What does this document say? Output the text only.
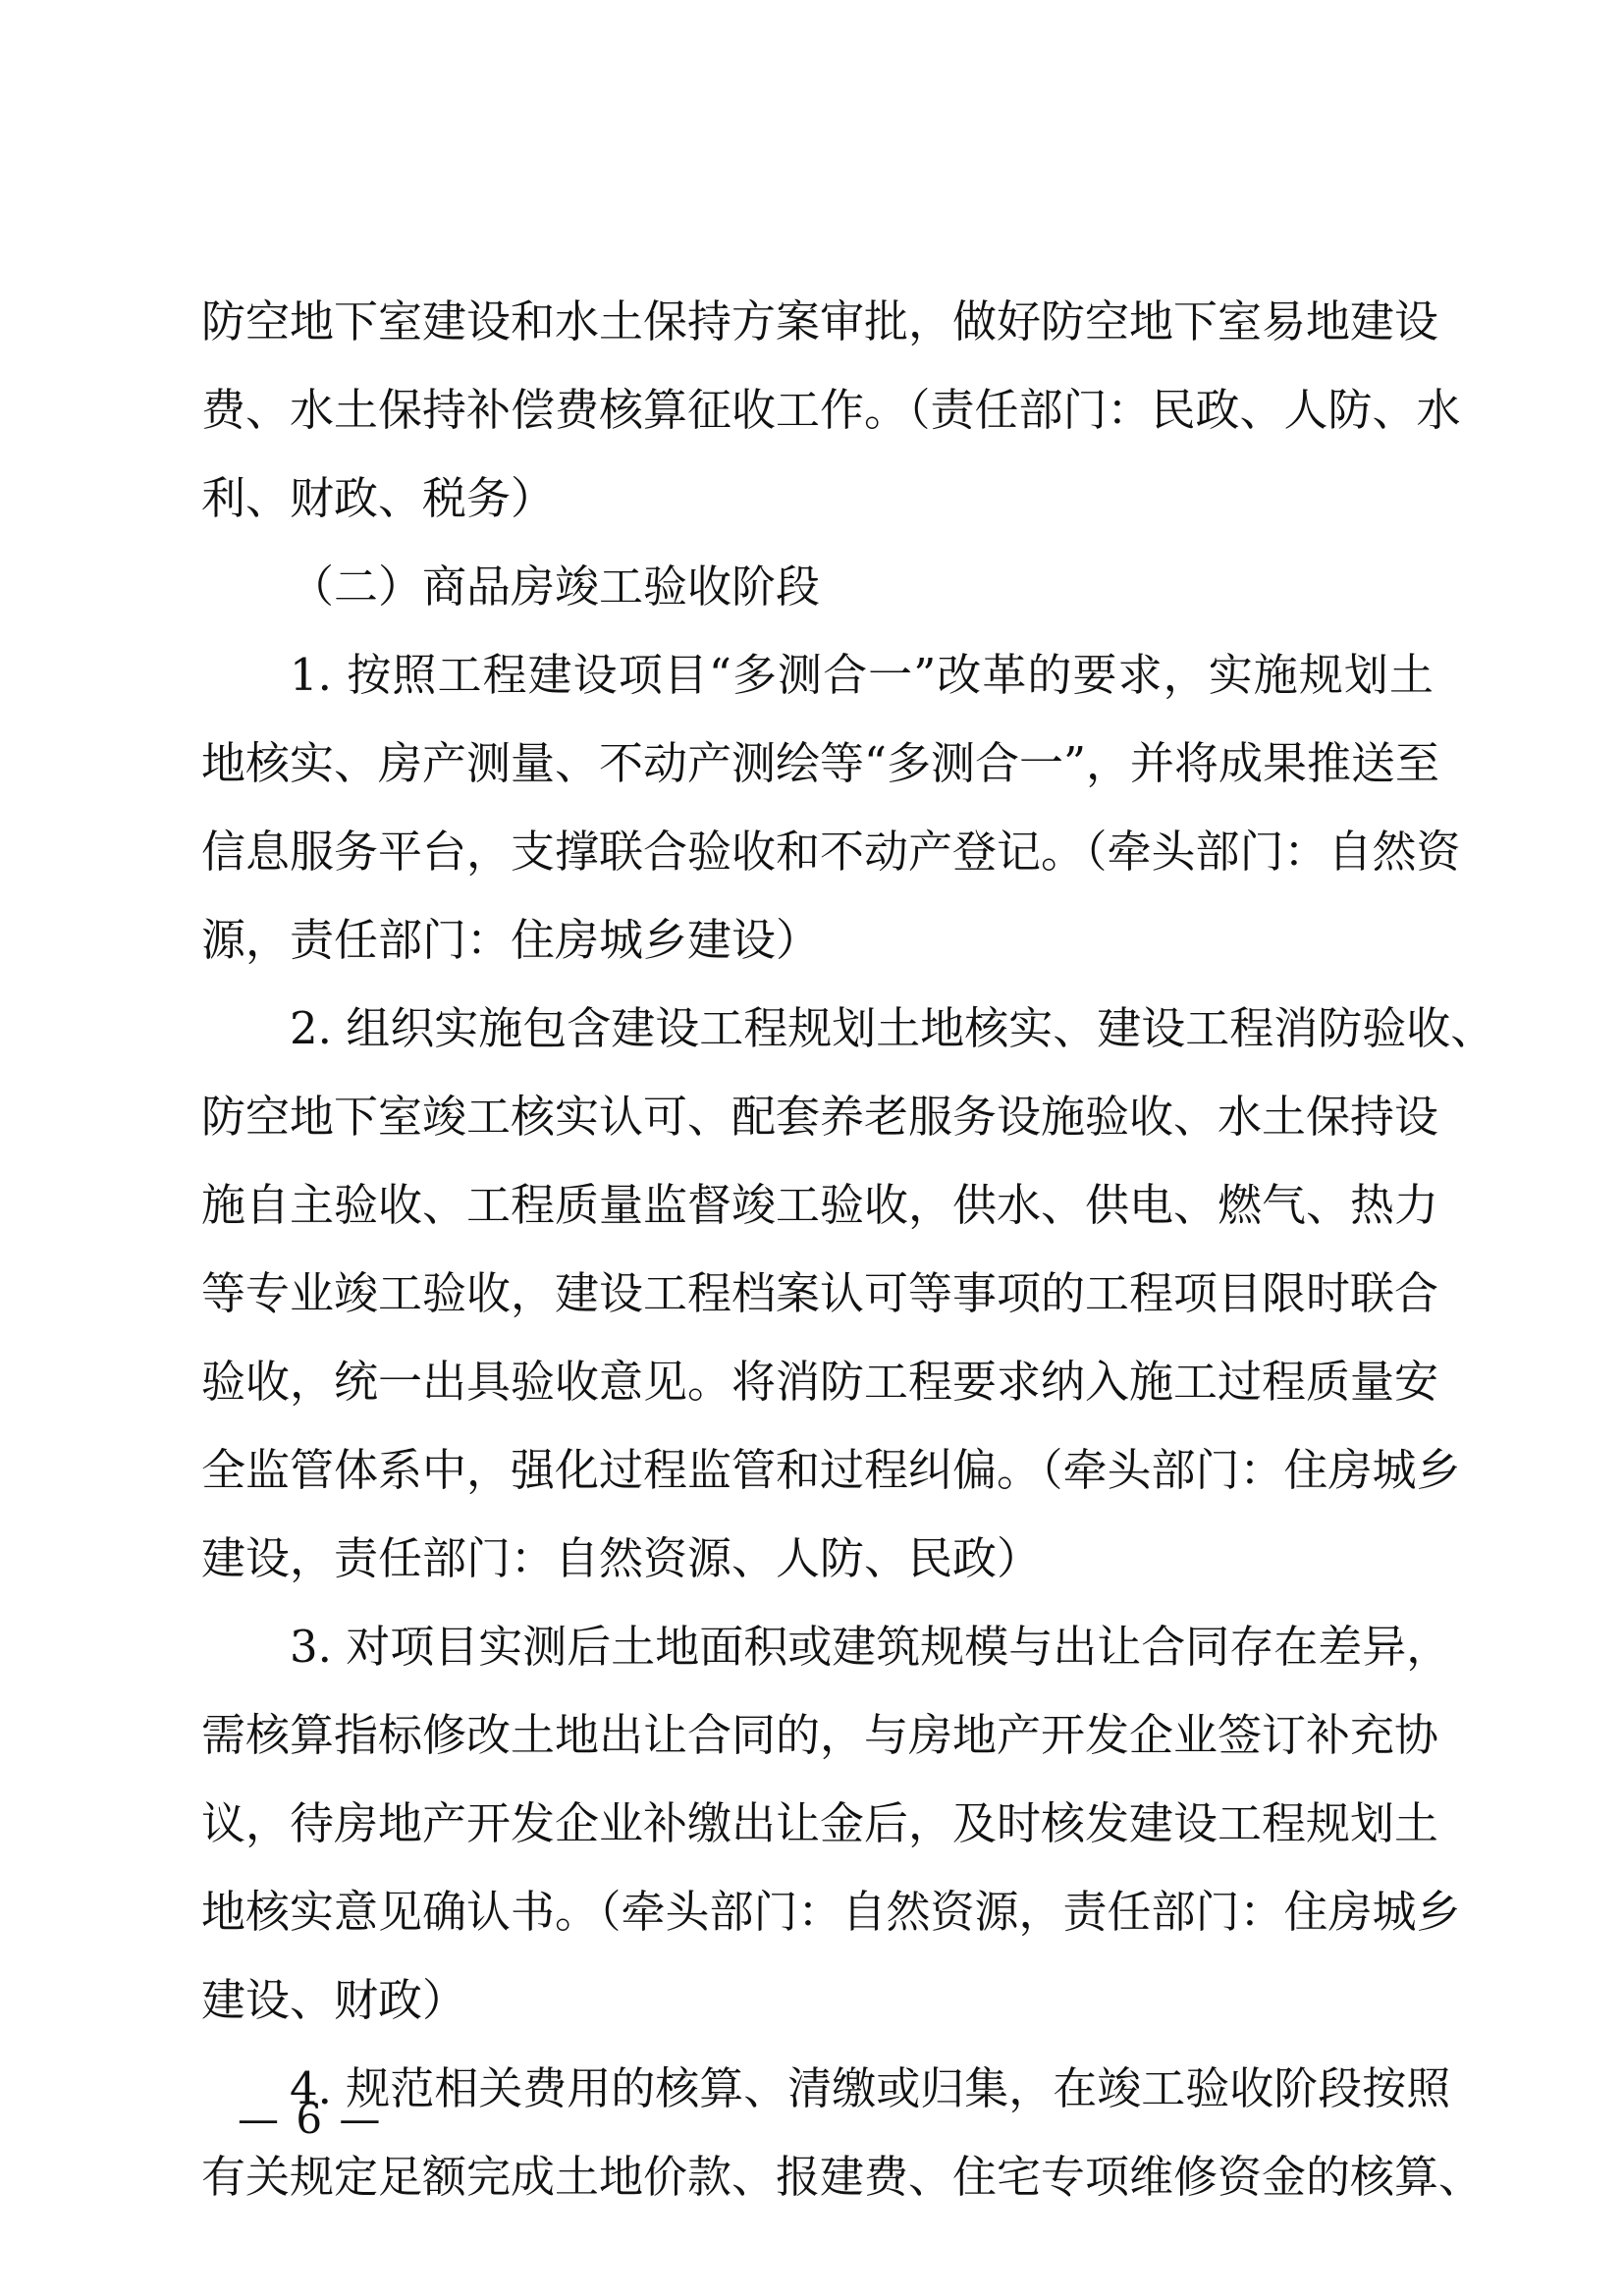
防空地下室建设和水土保持方案审批，做好防空地下室易地建设
费、水土保持补偿费核算征收工作。（责任部门：民政、人防、水
利、财政、税务）
（二）商品房竣工验收阶段
1. 按照工程建设项目“多测合一”改革的要求，实施规划土
地核实、房产测量、不动产测绘等“多测合一”，并将成果推送至
信息服务平台，支撑联合验收和不动产登记。（牵头部门：自然资
源，责任部门：住房城乡建设）
2. 组织实施包含建设工程规划土地核实、建设工程消防验收、
防空地下室竣工核实认可、配套养老服务设施验收、水土保持设
施自主验收、工程质量监督竣工验收，供水、供电、燃气、热力
等专业竣工验收，建设工程档案认可等事项的工程项目限时联合
验收，统一出具验收意见。将消防工程要求纳入施工过程质量安
全监管体系中，强化过程监管和过程纠偏。（牵头部门：住房城乡
建设，责任部门：自然资源、人防、民政）
3. 对项目实测后土地面积或建筑规模与出让合同存在差异，
需核算指标修改土地出让合同的，与房地产开发企业签订补充协
议，待房地产开发企业补缴出让金后，及时核发建设工程规划土
地核实意见确认书。（牵头部门：自然资源，责任部门：住房城乡
建设、财政）
4. 规范相关费用的核算、清缴或归集，在竣工验收阶段按照
有关规定足额完成土地价款、报建费、住宅专项维修资金的核算、
— 6 —
